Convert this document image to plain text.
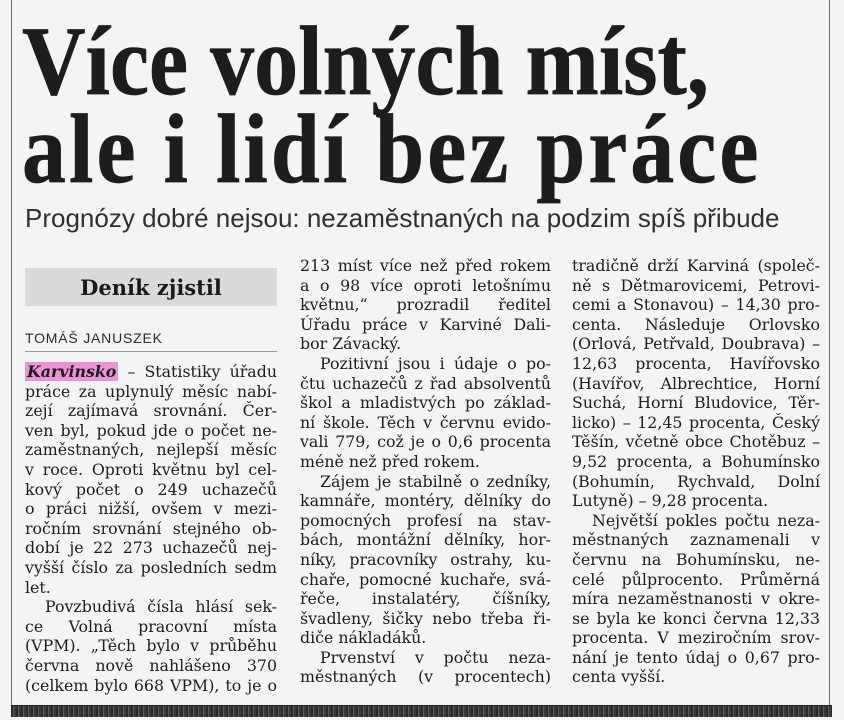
Více volných míst,
ale i lidí bez práce
Prognózy dobré nejsou: nezaměstnaných na podzim spíš přibude
Deník zjistil
TOMÁŠ JANUSZEK
Karvinsko – Statistiky úřadu
práce za uplynulý měsíc nabí-
zejí zajímavá srovnání. Čer-
ven byl, pokud jde o počet ne-
zaměstnaných, nejlepší měsíc
v roce. Oproti květnu byl cel-
kový počet o 249 uchazečů
o práci nižší, ovšem v mezi-
ročním srovnání stejného ob-
dobí je 22 273 uchazečů nej-
vyšší číslo za posledních sedm
let.
Povzbudivá čísla hlásí sek-
ce Volná pracovní místa
(VPM). „Těch bylo v průběhu
června nově nahlášeno 370
(celkem bylo 668 VPM), to je o
213 míst více než před rokem
a o 98 více oproti letošnímu
květnu,“ prozradil ředitel
Úřadu práce v Karviné Dali-
bor Závacký.
Pozitivní jsou i údaje o po-
čtu uchazečů z řad absolventů
škol a mladistvých po základ-
ní škole. Těch v červnu evido-
vali 779, což je o 0,6 procenta
méně než před rokem.
Zájem je stabilně o zedníky,
kamnáře, montéry, dělníky do
pomocných profesí na stav-
bách, montážní dělníky, hor-
níky, pracovníky ostrahy, ku-
chaře, pomocné kuchaře, svá-
řeče, instalatéry, číšníky,
švadleny, šičky nebo třeba ři-
diče nákladáků.
Prvenství v počtu neza-
městnaných (v procentech)
tradičně drží Karviná (společ-
ně s Dětmarovicemi, Petrovi-
cemi a Stonavou) – 14,30 pro-
centa. Následuje Orlovsko
(Orlová, Petřvald, Doubrava) –
12,63 procenta, Havířovsko
(Havířov, Albrechtice, Horní
Suchá, Horní Bludovice, Těr-
licko) – 12,45 procenta, Český
Těšín, včetně obce Chotěbuz –
9,52 procenta, a Bohumínsko
(Bohumín, Rychvald, Dolní
Lutyně) – 9,28 procenta.
Největší pokles počtu neza-
městnaných zaznamenali v
červnu na Bohumínsku, ne-
celé půlprocento. Průměrná
míra nezaměstnanosti v okre-
se byla ke konci června 12,33
procenta. V meziročním srov-
nání je tento údaj o 0,67 pro-
centa vyšší.
